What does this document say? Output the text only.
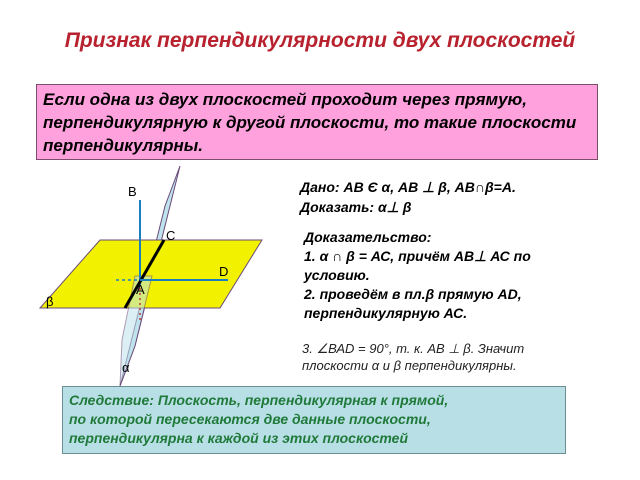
Признак перпендикулярности двух плоскостей
Если одна из двух плоскостей проходит через прямую, перпендикулярную к другой плоскости, то такие плоскости перпендикулярны.
Дано: АВ Є α, АВ ⊥ β, АВ∩β=А.
Доказать: α⊥ β
Доказательство:
1. α ∩ β = АС, причём АВ⊥ АС по
условию.
2. проведём в пл.β прямую АD,
перпендикулярную АС.
3. ∠ВАD = 90°, т. к. АВ ⊥ β. Значит
плоскости α и β перпендикулярны.
Следствие: Плоскость, перпендикулярная к прямой,
по которой пересекаются две данные плоскости,
перпендикулярна к каждой из этих плоскостей
В
С
D
А
β
α
